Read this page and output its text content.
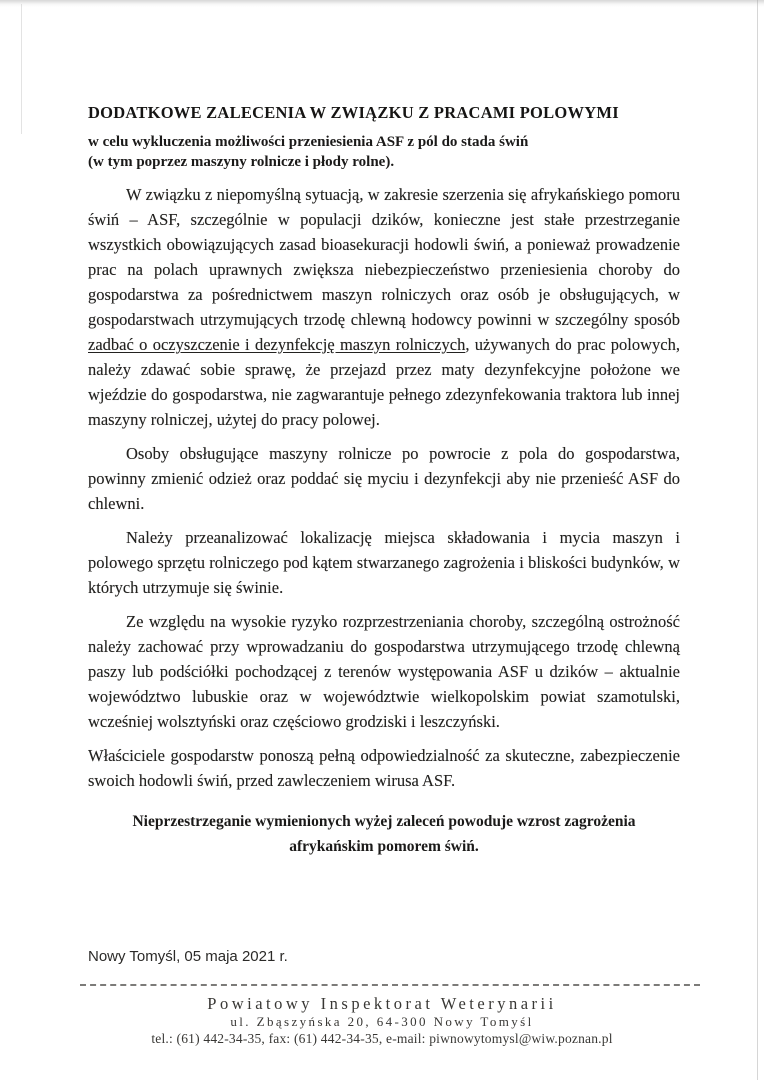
DODATKOWE ZALECENIA W ZWIĄZKU Z PRACAMI POLOWYMI
w celu wykluczenia możliwości przeniesienia ASF z pól do stada świń
(w tym poprzez maszyny rolnicze i płody rolne).

W związku z niepomyślną sytuacją, w zakresie szerzenia się afrykańskiego pomoru świń – ASF, szczególnie w populacji dzików, konieczne jest stałe przestrzeganie wszystkich obowiązujących zasad bioasekuracji hodowli świń, a ponieważ prowadzenie prac na polach uprawnych zwiększa niebezpieczeństwo przeniesienia choroby do gospodarstwa za pośrednictwem maszyn rolniczych oraz osób je obsługujących, w gospodarstwach utrzymujących trzodę chlewną hodowcy powinni w szczególny sposób zadbać o oczyszczenie i dezynfekcję maszyn rolniczych, używanych do prac polowych, należy zdawać sobie sprawę, że przejazd przez maty dezynfekcyjne położone we wjeździe do gospodarstwa, nie zagwarantuje pełnego zdezynfekowania traktora lub innej maszyny rolniczej, użytej do pracy polowej.

Osoby obsługujące maszyny rolnicze po powrocie z pola do gospodarstwa, powinny zmienić odzież oraz poddać się myciu i dezynfekcji aby nie przenieść ASF do chlewni.

Należy przeanalizować lokalizację miejsca składowania i mycia maszyn i polowego sprzętu rolniczego pod kątem stwarzanego zagrożenia i bliskości budynków, w których utrzymuje się świnie.

Ze względu na wysokie ryzyko rozprzestrzeniania choroby, szczególną ostrożność należy zachować przy wprowadzaniu do gospodarstwa utrzymującego trzodę chlewną paszy lub podściółki pochodzącej z terenów występowania ASF u dzików – aktualnie województwo lubuskie oraz w województwie wielkopolskim powiat szamotulski, wcześniej wolsztyński oraz częściowo grodziski i leszczyński.

Właściciele gospodarstw ponoszą pełną odpowiedzialność za skuteczne, zabezpieczenie swoich hodowli świń, przed zawleczeniem wirusa ASF.

Nieprzestrzeganie wymienionych wyżej zaleceń powoduje wzrost zagrożenia afrykańskim pomorem świń.

Nowy Tomyśl, 05 maja 2021 r.
Powiatowy Inspektorat Weterynarii
ul. Zbąszyńska 20, 64-300 Nowy Tomyśl
tel.: (61) 442-34-35, fax: (61) 442-34-35, e-mail: piwnowytomysl@wiw.poznan.pl
